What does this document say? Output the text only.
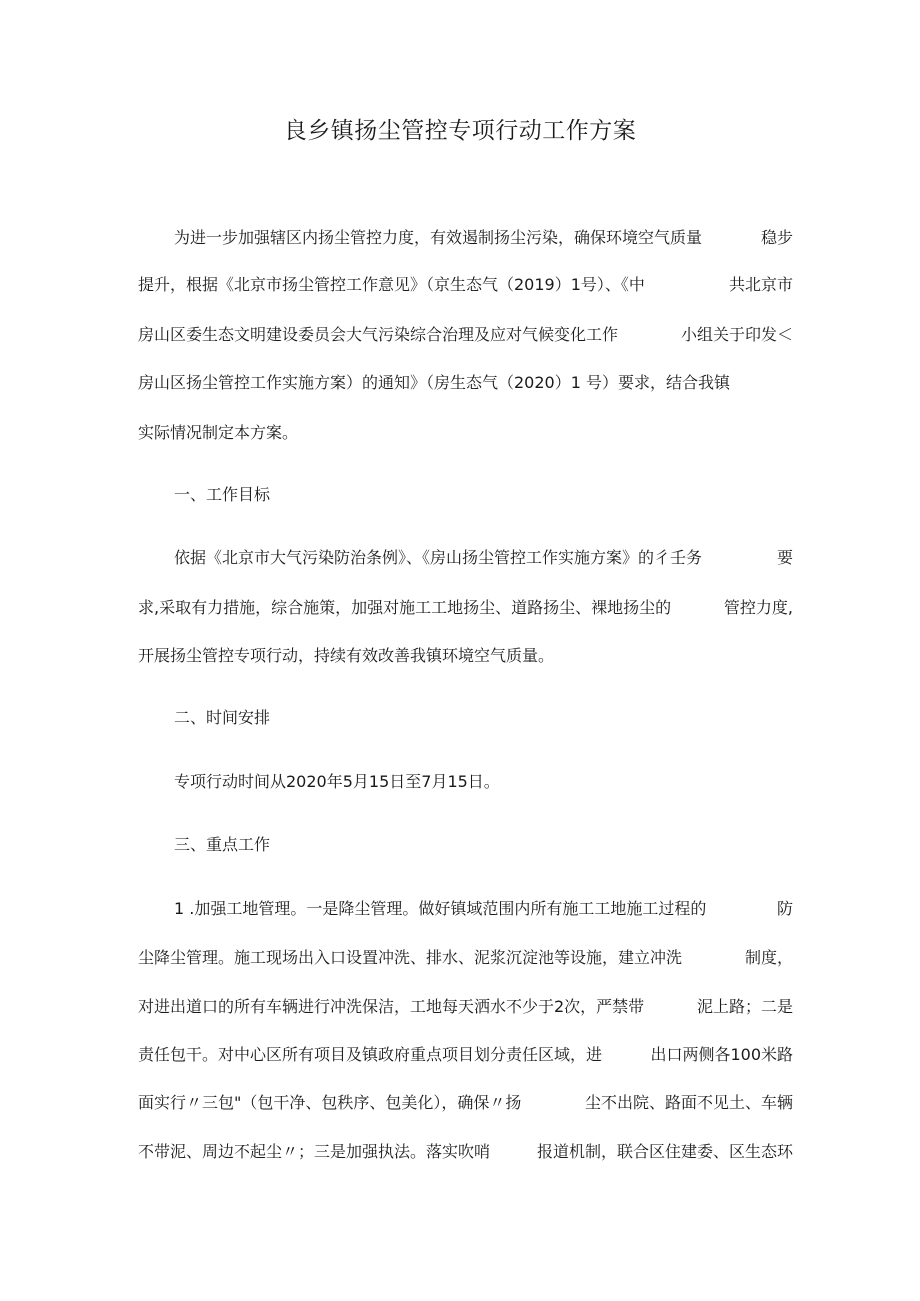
良乡镇扬尘管控专项行动工作方案
为进一步加强辖区内扬尘管控力度，有效遏制扬尘污染，确保环境空气质量	稳步
提升，根据《北京市扬尘管控工作意见》（京生态气（2019）1号）、《中	共北京市
房山区委生态文明建设委员会大气污染综合治理及应对气候变化工作	小组关于印发＜
房山区扬尘管控工作实施方案）的通知》（房生态气（2020）1 号）要求，结合我镇
实际情况制定本方案。
一、工作目标
依据《北京市大气污染防治条例》、《房山扬尘管控工作实施方案》的彳壬务	要
求,采取有力措施，综合施策，加强对施工工地扬尘、道路扬尘、裸地扬尘的	管控力度,
开展扬尘管控专项行动，持续有效改善我镇环境空气质量。
二、时间安排
专项行动时间从2020年5月15日至7月15日。
三、重点工作
1 .加强工地管理。一是降尘管理。做好镇域范围内所有施工工地施工过程的	防
尘降尘管理。施工现场出入口设置冲洗、排水、泥浆沉淀池等设施，建立冲洗	制度，
对进出道口的所有车辆进行冲洗保洁，工地每天洒水不少于2次，严禁带	泥上路；二是
责任包干。对中心区所有项目及镇政府重点项目划分责任区域，进	出口两侧各100米路
面实行〃三包"（包干净、包秩序、包美化），确保〃扬	尘不出院、路面不见土、车辆
不带泥、周边不起尘〃；三是加强执法。落实吹哨	报道机制，联合区住建委、区生态环
